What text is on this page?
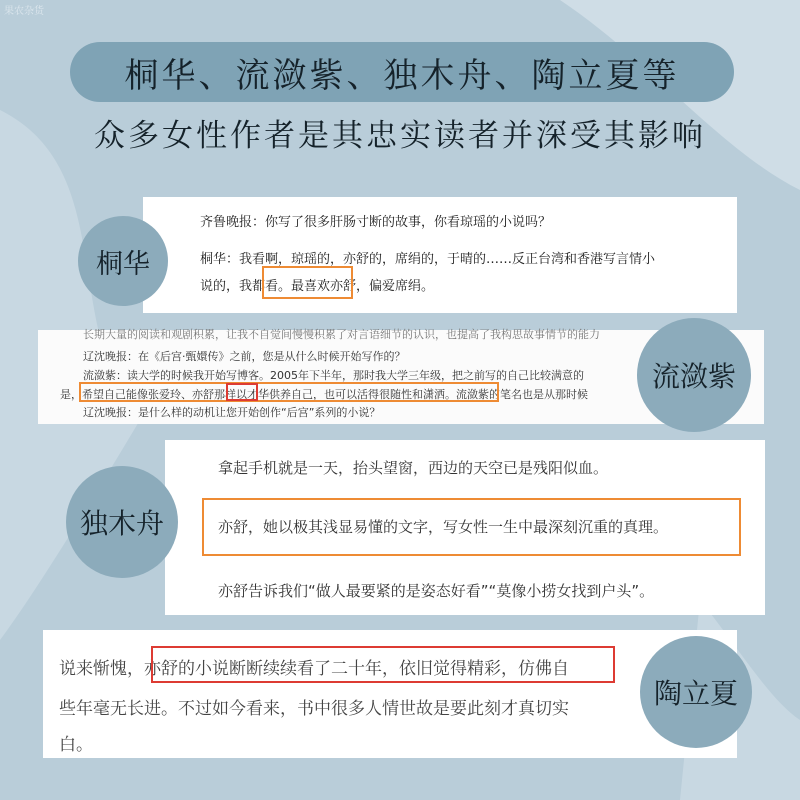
果农杂货
桐华、流潋紫、独木舟、陶立夏等
众多女性作者是其忠实读者并深受其影响
齐鲁晚报：你写了很多肝肠寸断的故事，你看琼瑶的小说吗？
桐华：我看啊，琼瑶的，亦舒的，席绢的，于晴的……反正台湾和香港写言情小
说的，我都看。最喜欢亦舒，偏爱席绢。
长期大量的阅读和观剧积累，让我不自觉间慢慢积累了对言语细节的认识，也提高了我构思故事情节的能力
辽沈晚报：在《后宫·甄嬛传》之前，您是从什么时候开始写作的？
流潋紫：读大学的时候我开始写博客。2005年下半年，那时我大学三年级，把之前写的自己比较满意的
是，希望自己能像张爱玲、亦舒那样以才华供养自己，也可以活得很随性和潇洒。流潋紫的笔名也是从那时候
辽沈晚报：是什么样的动机让您开始创作“后宫”系列的小说？
拿起手机就是一天，抬头望窗，西边的天空已是残阳似血。
亦舒，她以极其浅显易懂的文字，写女性一生中最深刻沉重的真理。
亦舒告诉我们“做人最要紧的是姿态好看”“莫像小捞女找到户头”。
说来惭愧，亦舒的小说断断续续看了二十年，依旧觉得精彩，仿佛自
些年毫无长进。不过如今看来，书中很多人情世故是要此刻才真切实
白。
桐华
流潋紫
独木舟
陶立夏
